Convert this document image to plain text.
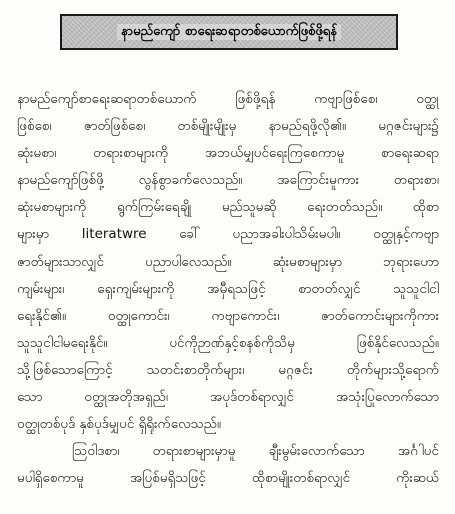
နာမည်ကျော် စာရေးဆရာတစ်ယောက်ဖြစ်ဖို့ရန်
နာမည်ကျော်စာရေးဆရာတစ်ယောက် ဖြစ်ဖို့ရန် ကဗျာဖြစ်စေ၊ ဝတ္ထု
ဖြစ်စေ၊ ဇာတ်ဖြစ်စေ၊ တစ်မျိုးမျိုးမှ နာမည်ရဖို့လို၏။ မဂ္ဂဇင်းများ၌
ဆုံးမစာ၊ တရားစာများကို အဘယ်မျှပင်ရေးကြစေကာမူ စာရေးဆရာ
နာမည်ကျော်ဖြစ်ဖို့ လွန်စွာခက်လေသည်။ အကြောင်းမူကား တရားစာ၊
ဆုံးမစာများကို ရွက်ကြမ်းရေချို မည်သူမဆို ရေးတတ်သည်။ ထိုစာ
များမှာ literatwre ခေါ် ပညာအခါးပါသိမ်းမပါ။ ဝတ္ထုနှင့်ကဗျာ
ဇာတ်များသာလျှင် ပညာပါလေသည်။ ဆုံးမစာများမှာ ဘုရားဟော
ကျမ်းများ၊ ရှေးကျမ်းများကို အမှီရသဖြင့် စာတတ်လျှင် သူသူငါငါ
ရေးနိုင်၏။ ဝတ္ထုကောင်း၊ ကဗျာကောင်း၊ ဇာတ်ကောင်းများကိုကား
သူသူငါငါမရေးနိုင်။ ပင်ကိုဉာဏ်နှင့်စနစ်ကိုသိမှ ဖြစ်နိုင်လေသည်။
သို့ဖြစ်သောကြောင့် သတင်းစာတိုက်များ၊ မဂ္ဂဇင်း တိုက်များသို့ရောက်
သော ဝတ္ထုအတိုအရှည်၊ အပုဒ်တစ်ရာလျှင် အသုံးပြုလောက်သော
ဝတ္ထုတစ်ပုဒ် နှစ်ပုဒ်မျှပင် ရှိရိုးက်လေသည်။
သြဝါဒစာ၊ တရားစာများမှာမူ ချီးမွမ်းလောက်သော အင်္ဂါပင်
မပါရှိစေကာမူ အပြစ်မရှိသဖြင့် ထိုစာမျိုးတစ်ရာလျှင် ကိုးဆယ်
